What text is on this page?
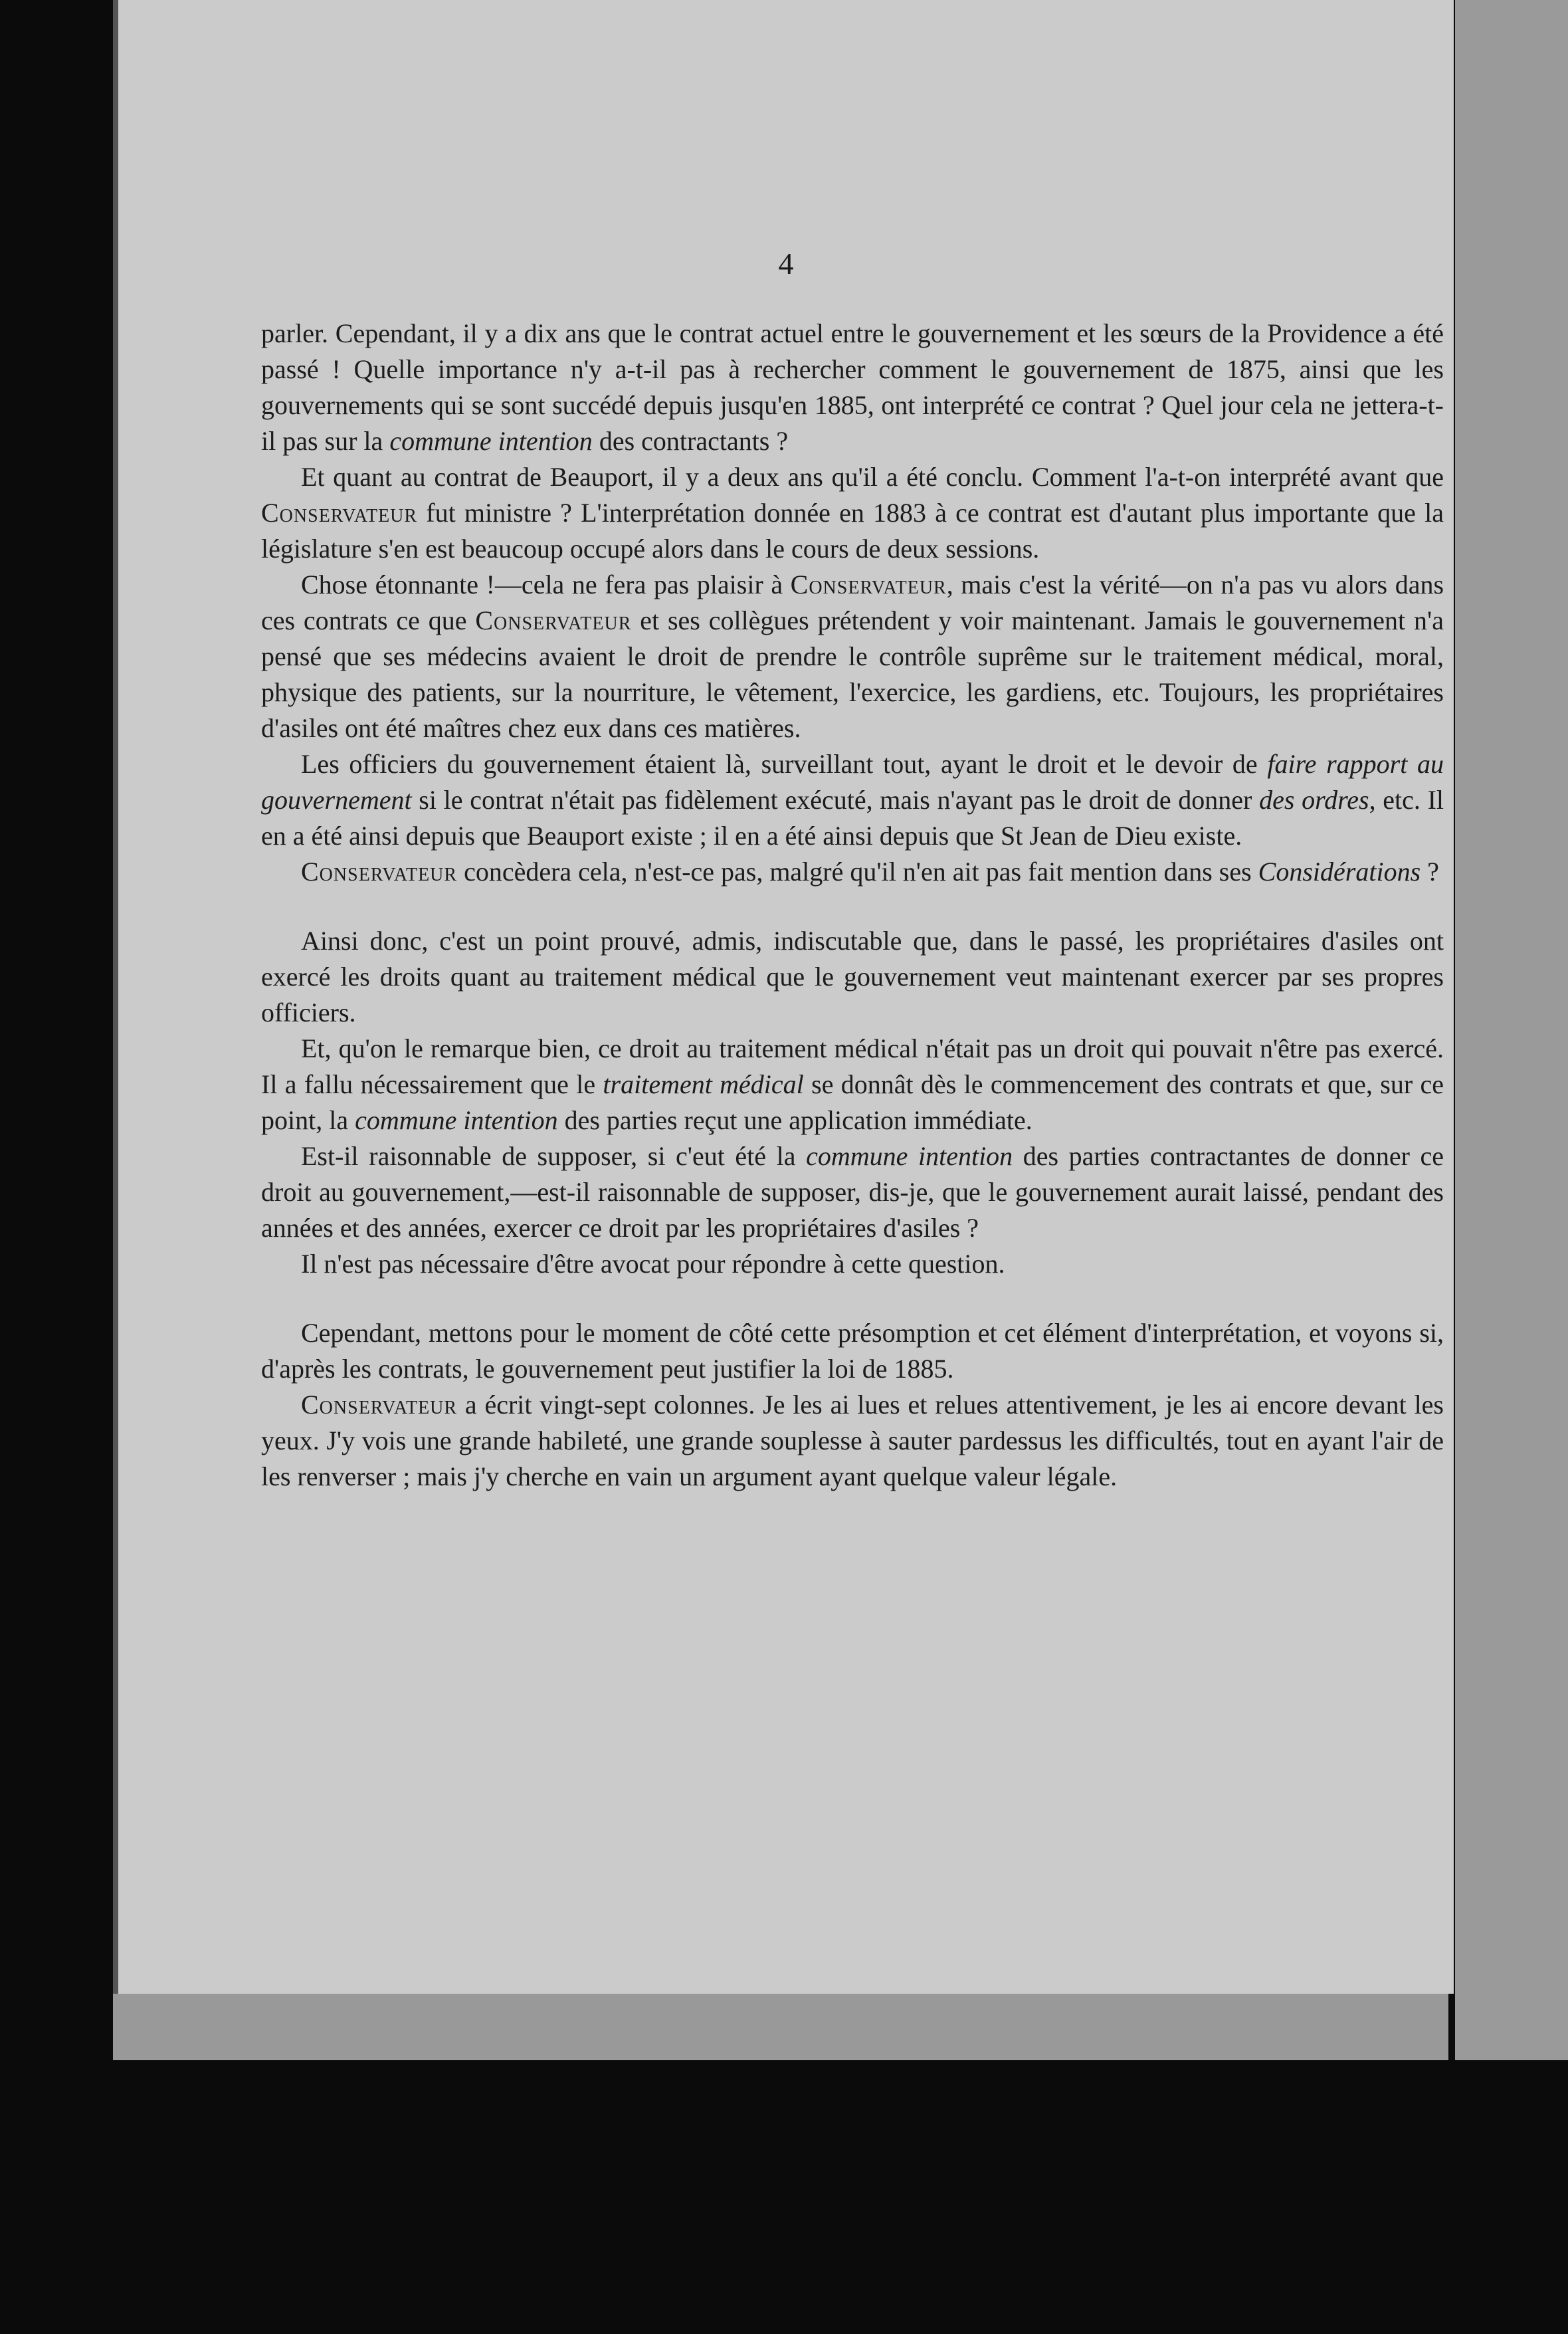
4

parler. Cependant, il y a dix ans que le contrat actuel entre le gouvernement et les sœurs de la Providence a été passé ! Quelle importance n'y a-t-il pas à rechercher comment le gouvernement de 1875, ainsi que les gouvernements qui se sont succédé depuis jusqu'en 1885, ont interprété ce contrat ? Quel jour cela ne jettera-t-il pas sur la commune intention des contractants ?

Et quant au contrat de Beauport, il y a deux ans qu'il a été conclu. Comment l'a-t-on interprété avant que Conservateur fut ministre ? L'interprétation donnée en 1883 à ce contrat est d'autant plus importante que la législature s'en est beaucoup occupé alors dans le cours de deux sessions.

Chose étonnante !—cela ne fera pas plaisir à Conservateur, mais c'est la vérité—on n'a pas vu alors dans ces contrats ce que Conservateur et ses collègues prétendent y voir maintenant. Jamais le gouvernement n'a pensé que ses médecins avaient le droit de prendre le contrôle suprême sur le traitement médical, moral, physique des patients, sur la nourriture, le vêtement, l'exercice, les gardiens, etc. Toujours, les propriétaires d'asiles ont été maîtres chez eux dans ces matières.

Les officiers du gouvernement étaient là, surveillant tout, ayant le droit et le devoir de faire rapport au gouvernement si le contrat n'était pas fidèlement exécuté, mais n'ayant pas le droit de donner des ordres, etc. Il en a été ainsi depuis que Beauport existe ; il en a été ainsi depuis que St Jean de Dieu existe.

Conservateur concèdera cela, n'est-ce pas, malgré qu'il n'en ait pas fait mention dans ses Considérations ?

Ainsi donc, c'est un point prouvé, admis, indiscutable que, dans le passé, les propriétaires d'asiles ont exercé les droits quant au traitement médical que le gouvernement veut maintenant exercer par ses propres officiers.

Et, qu'on le remarque bien, ce droit au traitement médical n'était pas un droit qui pouvait n'être pas exercé. Il a fallu nécessairement que le traitement médical se donnât dès le commencement des contrats et que, sur ce point, la commune intention des parties reçut une application immédiate.

Est-il raisonnable de supposer, si c'eut été la commune intention des parties contractantes de donner ce droit au gouvernement,—est-il raisonnable de supposer, dis-je, que le gouvernement aurait laissé, pendant des années et des années, exercer ce droit par les propriétaires d'asiles ?

Il n'est pas nécessaire d'être avocat pour répondre à cette question.

Cependant, mettons pour le moment de côté cette présomption et cet élément d'interprétation, et voyons si, d'après les contrats, le gouvernement peut justifier la loi de 1885.

Conservateur a écrit vingt-sept colonnes. Je les ai lues et relues attentivement, je les ai encore devant les yeux. J'y vois une grande habileté, une grande souplesse à sauter pardessus les difficultés, tout en ayant l'air de les renverser ; mais j'y cherche en vain un argument ayant quelque valeur légale.
